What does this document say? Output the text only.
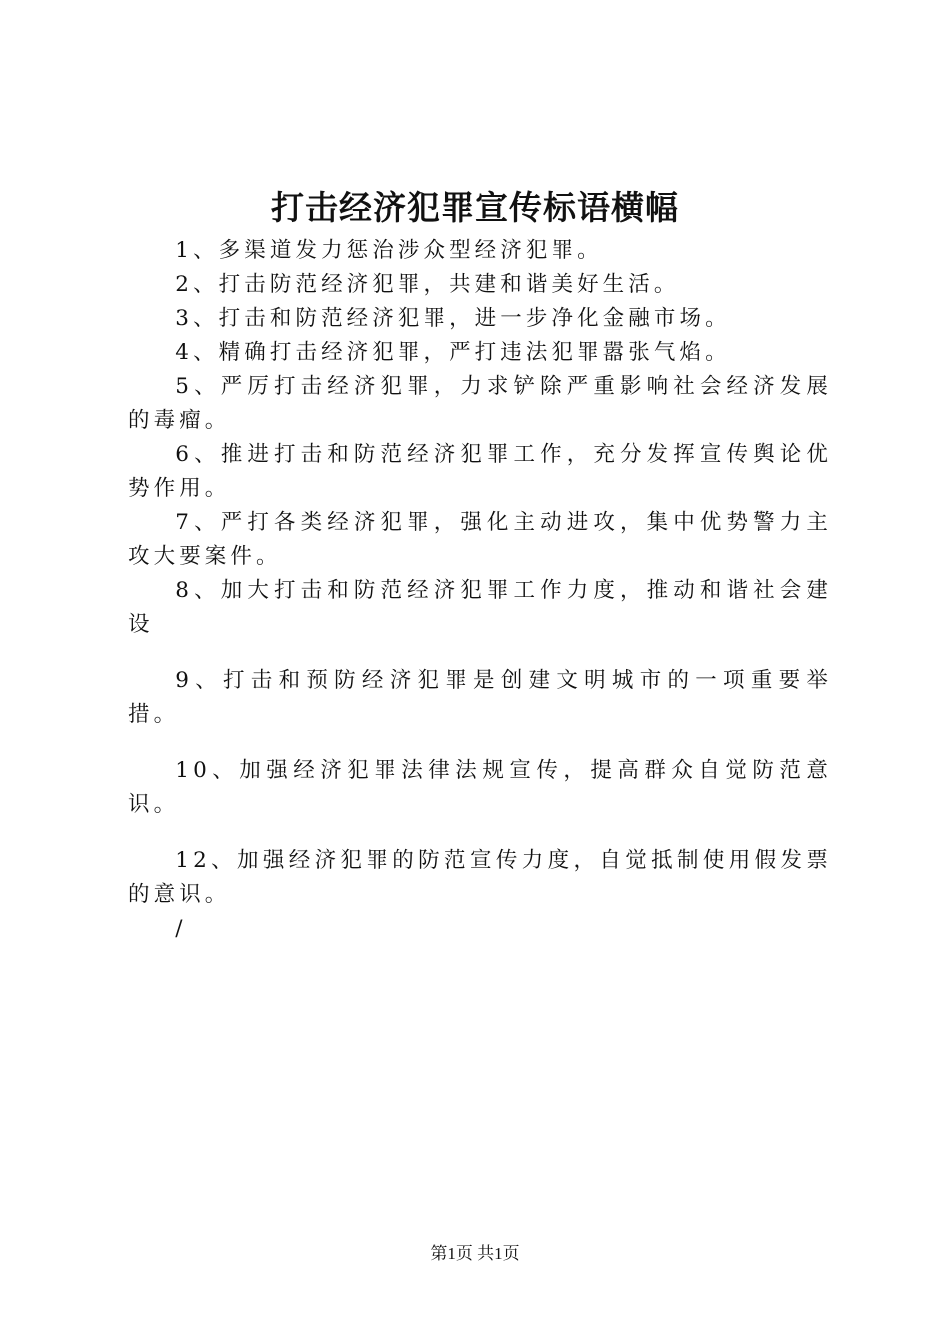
打击经济犯罪宣传标语横幅

1、多渠道发力惩治涉众型经济犯罪。

2、打击防范经济犯罪，共建和谐美好生活。

3、打击和防范经济犯罪，进一步净化金融市场。

4、精确打击经济犯罪，严打违法犯罪嚣张气焰。

5、严厉打击经济犯罪，力求铲除严重影响社会经济发展的毒瘤。

6、推进打击和防范经济犯罪工作，充分发挥宣传舆论优势作用。

7、严打各类经济犯罪，强化主动进攻，集中优势警力主攻大要案件。

8、加大打击和防范经济犯罪工作力度，推动和谐社会建设

9、打击和预防经济犯罪是创建文明城市的一项重要举措。

10、加强经济犯罪法律法规宣传，提高群众自觉防范意识。

12、加强经济犯罪的防范宣传力度，自觉抵制使用假发票的意识。

/

第1页 共1页
